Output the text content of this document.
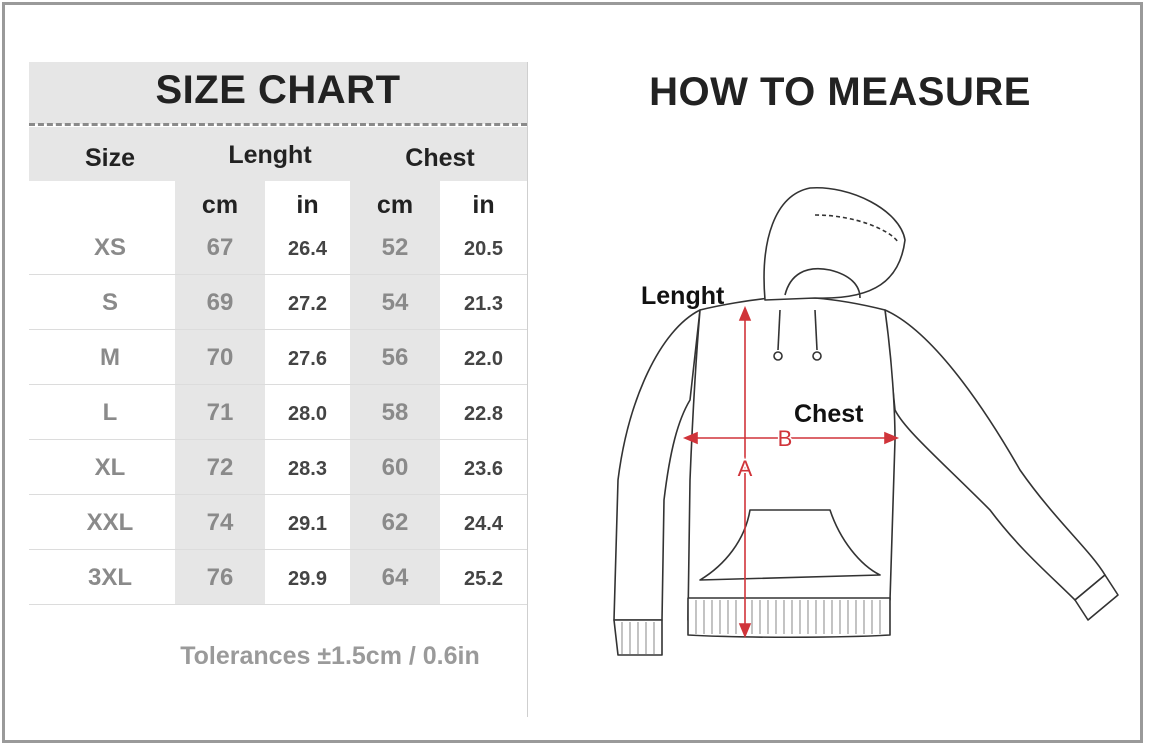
SIZE CHART
Size	Lenght	Chest
cm	in	cm	in
XS	67	26.4	52	20.5
S	69	27.2	54	21.3
M	70	27.6	56	22.0
L	71	28.0	58	22.8
XL	72	28.3	60	23.6
XXL	74	29.1	62	24.4
3XL	76	29.9	64	25.2
Tolerances ±1.5cm / 0.6in
HOW TO MEASURE
A
B
Lenght
Chest
